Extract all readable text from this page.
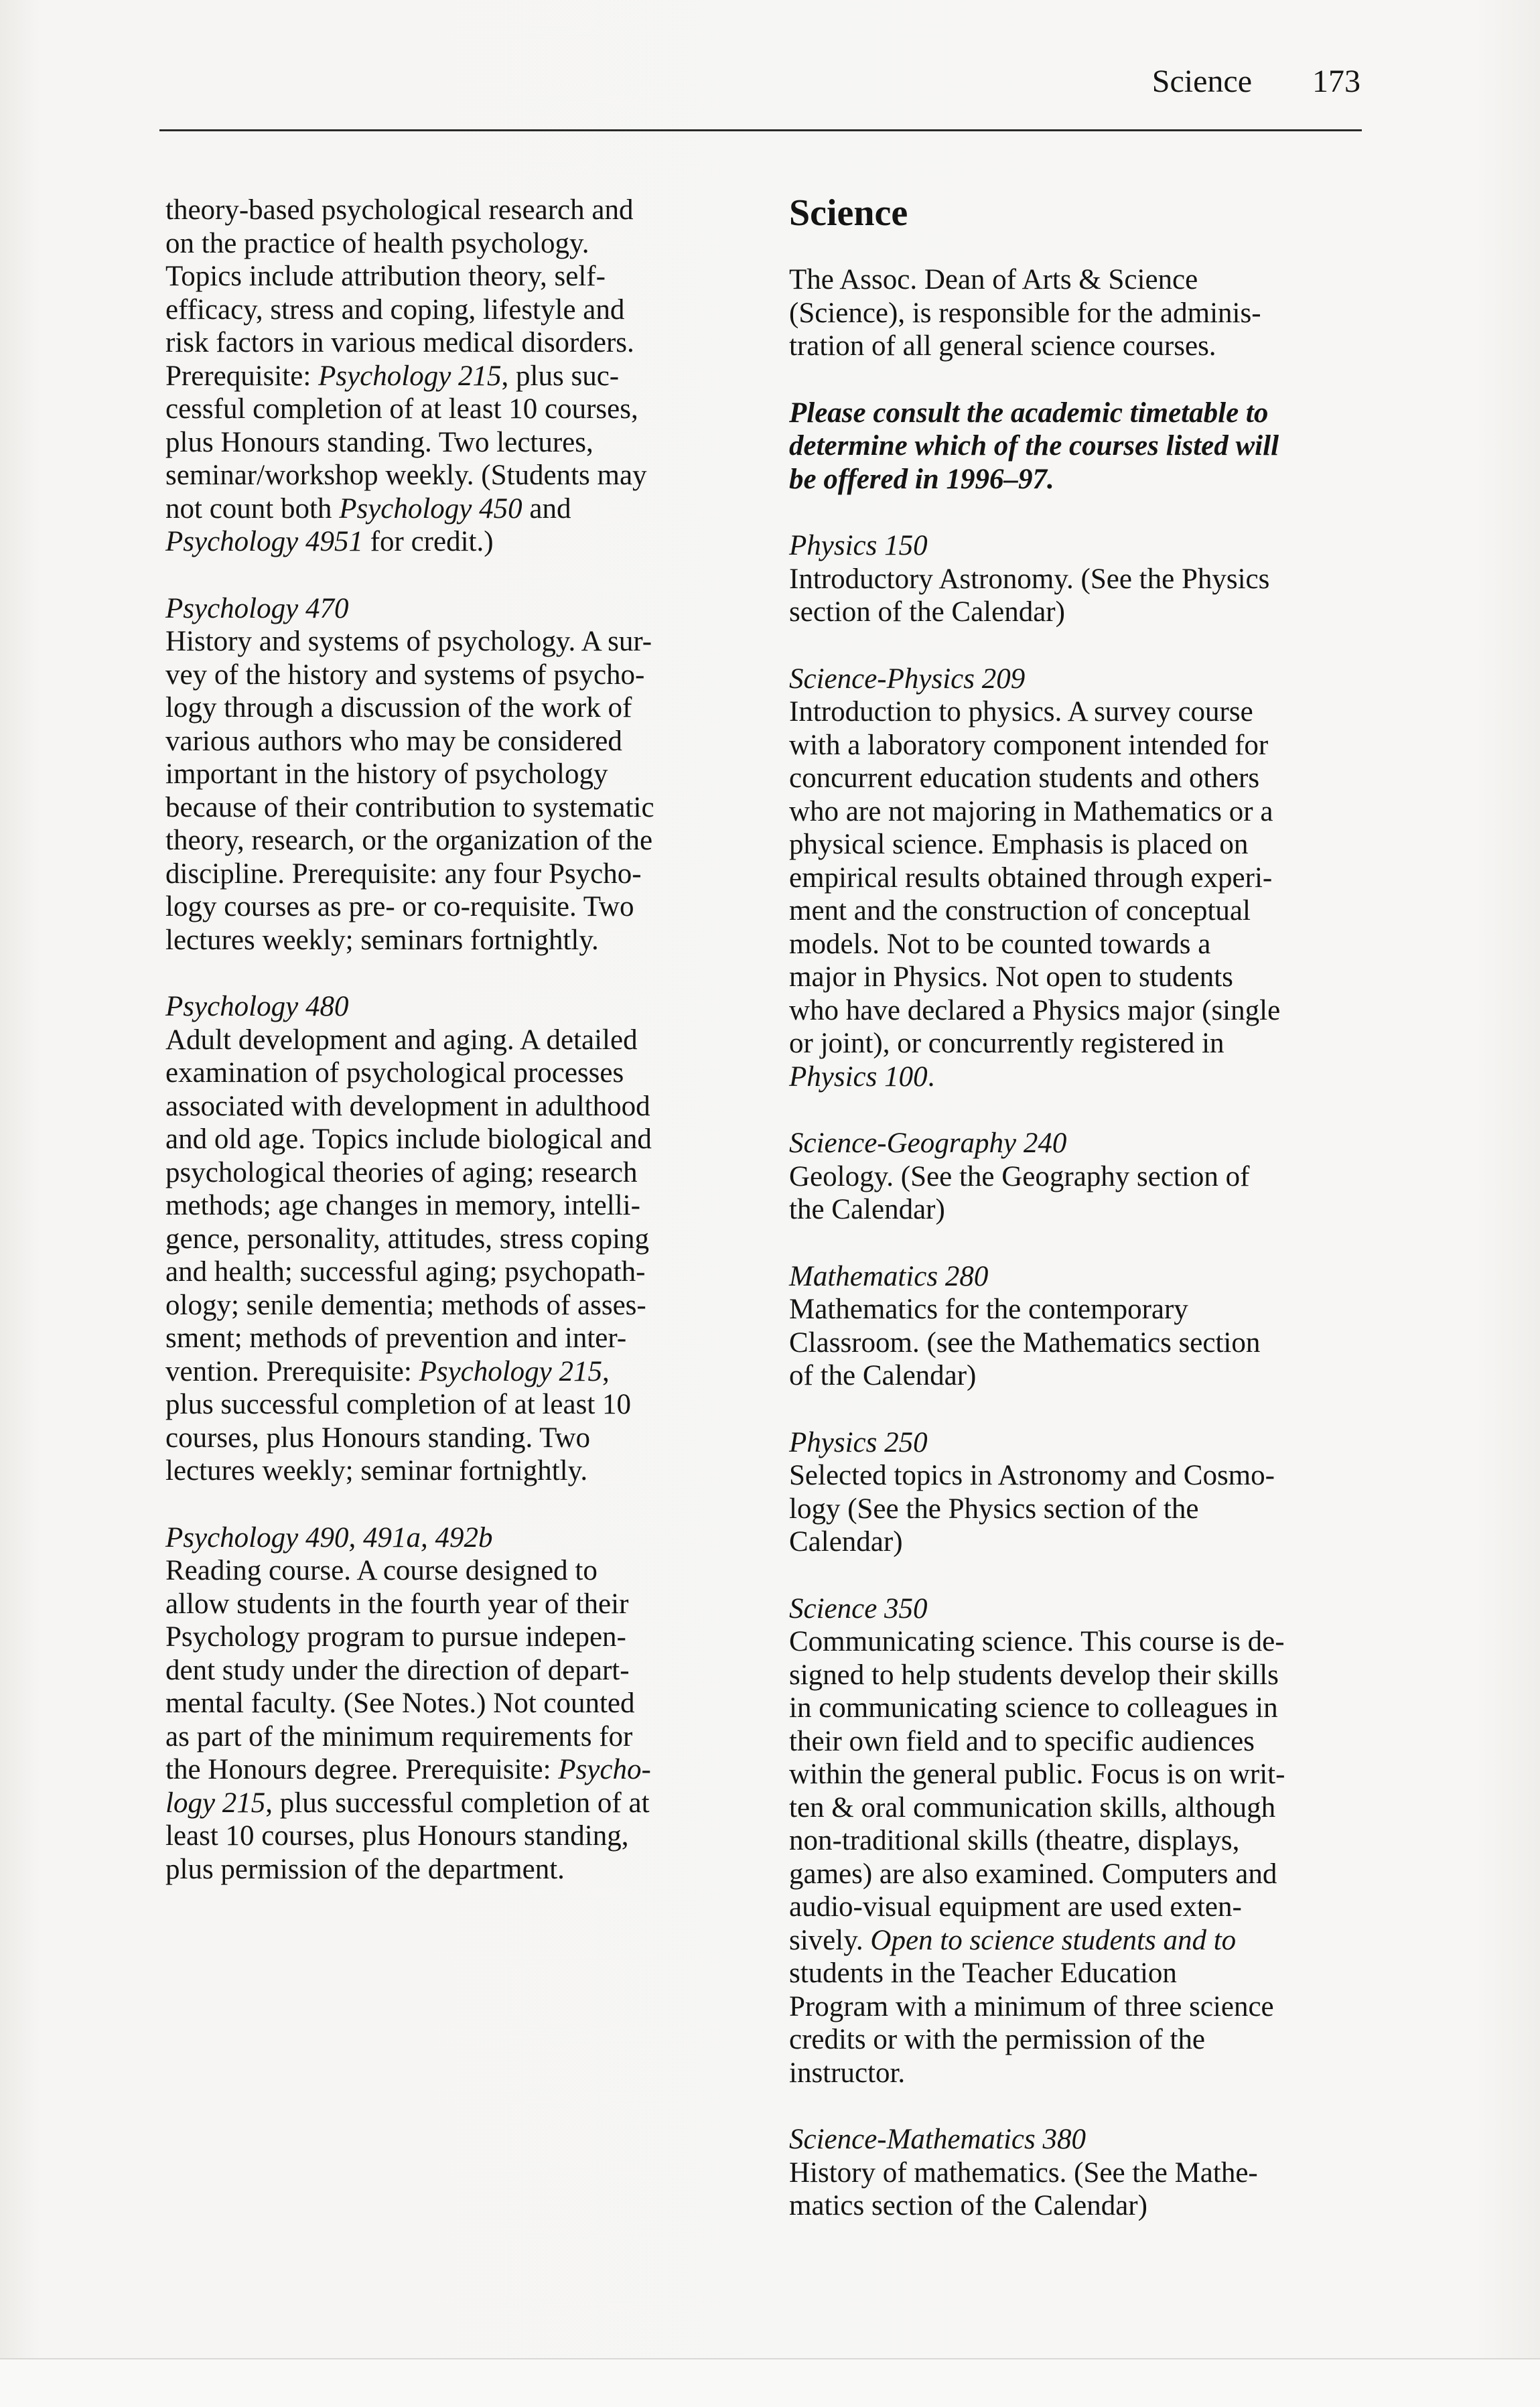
Science 173

theory-based psychological research and
on the practice of health psychology.
Topics include attribution theory, self-
efficacy, stress and coping, lifestyle and
risk factors in various medical disorders.
Prerequisite: Psychology 215, plus suc-
cessful completion of at least 10 courses,
plus Honours standing. Two lectures,
seminar/workshop weekly. (Students may
not count both Psychology 450 and
Psychology 4951 for credit.)
Psychology 470
History and systems of psychology. A sur-
vey of the history and systems of psycho-
logy through a discussion of the work of
various authors who may be considered
important in the history of psychology
because of their contribution to systematic
theory, research, or the organization of the
discipline. Prerequisite: any four Psycho-
logy courses as pre- or co-requisite. Two
lectures weekly; seminars fortnightly.
Psychology 480
Adult development and aging. A detailed
examination of psychological processes
associated with development in adulthood
and old age. Topics include biological and
psychological theories of aging; research
methods; age changes in memory, intelli-
gence, personality, attitudes, stress coping
and health; successful aging; psychopath-
ology; senile dementia; methods of asses-
sment; methods of prevention and inter-
vention. Prerequisite: Psychology 215,
plus successful completion of at least 10
courses, plus Honours standing. Two
lectures weekly; seminar fortnightly.
Psychology 490, 491a, 492b
Reading course. A course designed to
allow students in the fourth year of their
Psychology program to pursue indepen-
dent study under the direction of depart-
mental faculty. (See Notes.) Not counted
as part of the minimum requirements for
the Honours degree. Prerequisite: Psycho-
logy 215, plus successful completion of at
least 10 courses, plus Honours standing,
plus permission of the department.
Science
The Assoc. Dean of Arts & Science
(Science), is responsible for the adminis-
tration of all general science courses.
Please consult the academic timetable to
determine which of the courses listed will
be offered in 1996–97.
Physics 150
Introductory Astronomy. (See the Physics
section of the Calendar)
Science-Physics 209
Introduction to physics. A survey course
with a laboratory component intended for
concurrent education students and others
who are not majoring in Mathematics or a
physical science. Emphasis is placed on
empirical results obtained through experi-
ment and the construction of conceptual
models. Not to be counted towards a
major in Physics. Not open to students
who have declared a Physics major (single
or joint), or concurrently registered in
Physics 100.
Science-Geography 240
Geology. (See the Geography section of
the Calendar)
Mathematics 280
Mathematics for the contemporary
Classroom. (see the Mathematics section
of the Calendar)
Physics 250
Selected topics in Astronomy and Cosmo-
logy (See the Physics section of the
Calendar)
Science 350
Communicating science. This course is de-
signed to help students develop their skills
in communicating science to colleagues in
their own field and to specific audiences
within the general public. Focus is on writ-
ten & oral communication skills, although
non-traditional skills (theatre, displays,
games) are also examined. Computers and
audio-visual equipment are used exten-
sively. Open to science students and to
students in the Teacher Education
Program with a minimum of three science
credits or with the permission of the
instructor.
Science-Mathematics 380
History of mathematics. (See the Mathe-
matics section of the Calendar)
